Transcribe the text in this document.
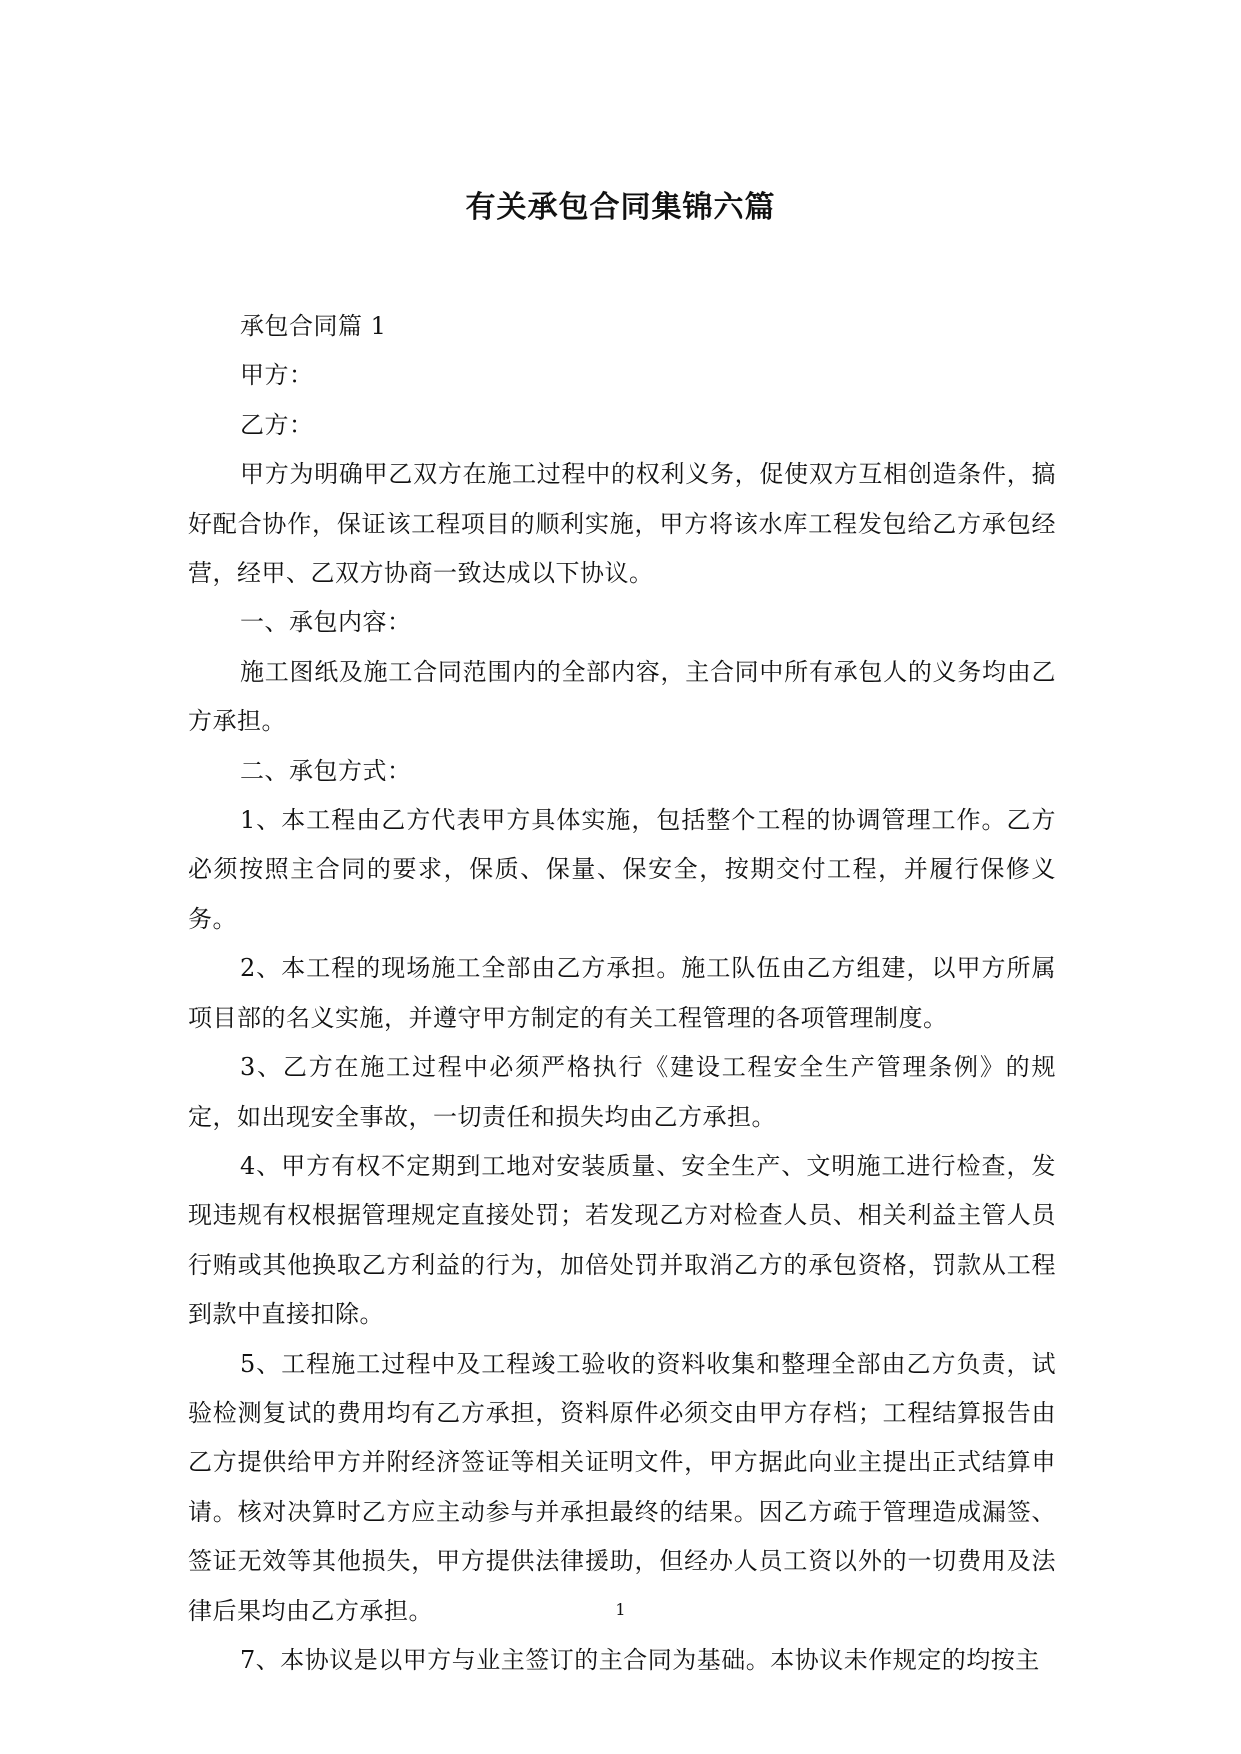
有关承包合同集锦六篇

承包合同篇 1

甲方：

乙方：

甲方为明确甲乙双方在施工过程中的权利义务，促使双方互相创造条件，搞好配合协作，保证该工程项目的顺利实施，甲方将该水库工程发包给乙方承包经营，经甲、乙双方协商一致达成以下协议。

一、承包内容：

施工图纸及施工合同范围内的全部内容，主合同中所有承包人的义务均由乙方承担。

二、承包方式：

1、本工程由乙方代表甲方具体实施，包括整个工程的协调管理工作。乙方必须按照主合同的要求，保质、保量、保安全，按期交付工程，并履行保修义务。

2、本工程的现场施工全部由乙方承担。施工队伍由乙方组建，以甲方所属项目部的名义实施，并遵守甲方制定的有关工程管理的各项管理制度。

3、乙方在施工过程中必须严格执行《建设工程安全生产管理条例》的规定，如出现安全事故，一切责任和损失均由乙方承担。

4、甲方有权不定期到工地对安装质量、安全生产、文明施工进行检查，发现违规有权根据管理规定直接处罚；若发现乙方对检查人员、相关利益主管人员行贿或其他换取乙方利益的行为，加倍处罚并取消乙方的承包资格，罚款从工程到款中直接扣除。

5、工程施工过程中及工程竣工验收的资料收集和整理全部由乙方负责，试验检测复试的费用均有乙方承担，资料原件必须交由甲方存档；工程结算报告由乙方提供给甲方并附经济签证等相关证明文件，甲方据此向业主提出正式结算申请。核对决算时乙方应主动参与并承担最终的结果。因乙方疏于管理造成漏签、签证无效等其他损失，甲方提供法律援助，但经办人员工资以外的一切费用及法律后果均由乙方承担。

7、本协议是以甲方与业主签订的主合同为基础。本协议未作规定的均按主

1
